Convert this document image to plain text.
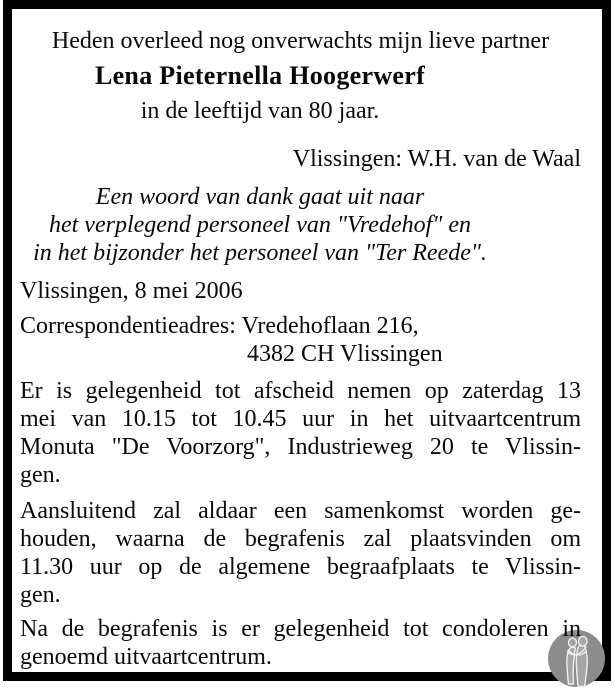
Heden overleed nog onverwachts mijn lieve partner
Lena Pieternella Hoogerwerf
in de leeftijd van 80 jaar.
Vlissingen: W.H. van de Waal
Een woord van dank gaat uit naar
het verplegend personeel van "Vredehof" en
in het bijzonder het personeel van "Ter Reede".
Vlissingen, 8 mei 2006
Correspondentieadres: Vredehoflaan 216,
4382 CH Vlissingen
Er is gelegenheid tot afscheid nemen op zaterdag 13
mei van 10.15 tot 10.45 uur in het uitvaartcentrum
Monuta "De Voorzorg", Industrieweg 20 te Vlissin-
gen.
Aansluitend zal aldaar een samenkomst worden ge-
houden, waarna de begrafenis zal plaatsvinden om
11.30 uur op de algemene begraafplaats te Vlissin-
gen.
Na de begrafenis is er gelegenheid tot condoleren in
genoemd uitvaartcentrum.
